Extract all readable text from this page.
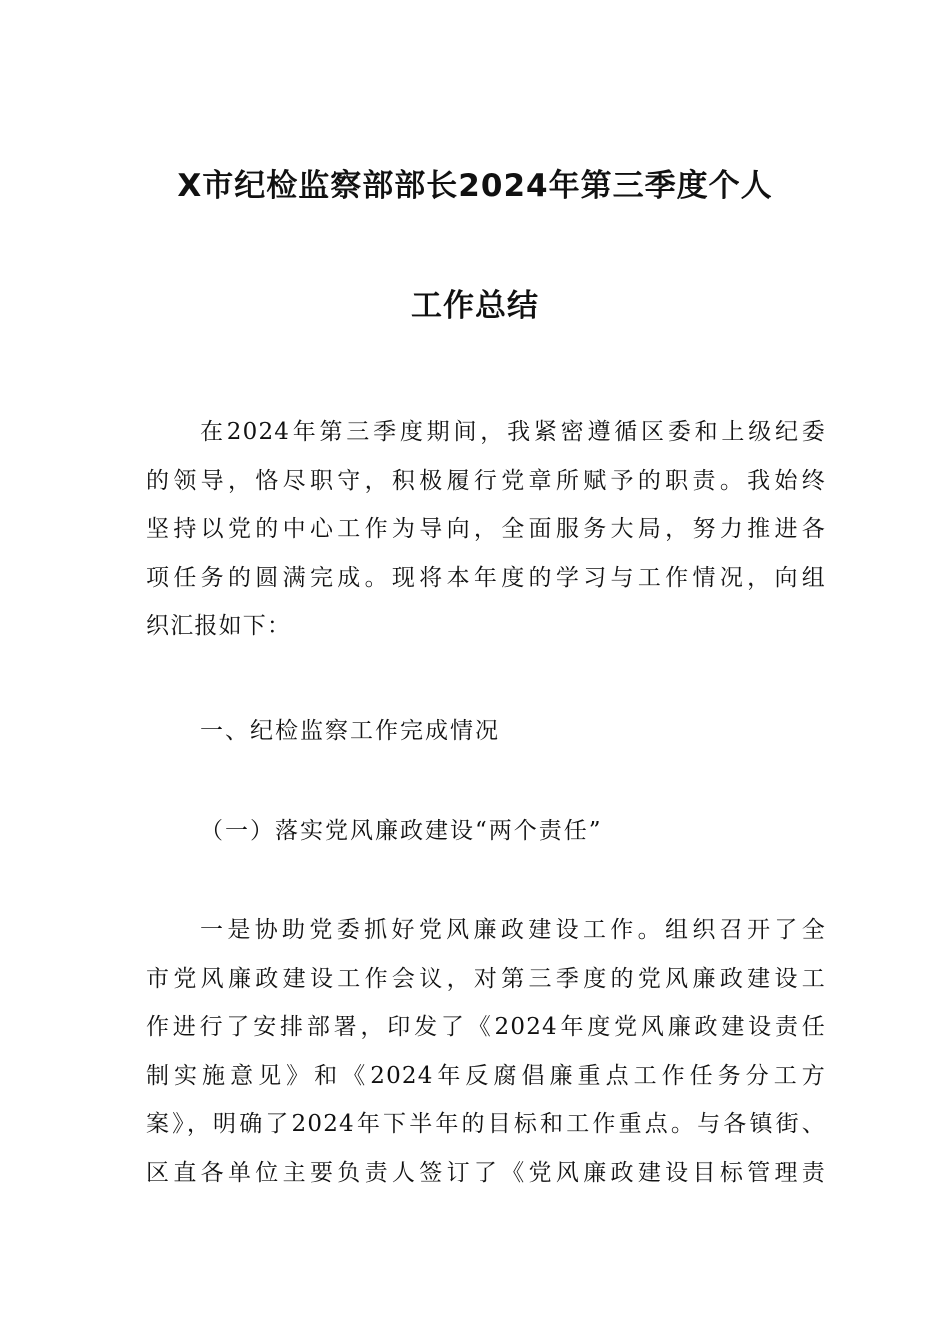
X市纪检监察部部长2024年第三季度个人
工作总结
在2024年第三季度期间，我紧密遵循区委和上级纪委
的领导，恪尽职守，积极履行党章所赋予的职责。我始终
坚持以党的中心工作为导向，全面服务大局，努力推进各
项任务的圆满完成。现将本年度的学习与工作情况，向组
织汇报如下：
一、纪检监察工作完成情况
（一）落实党风廉政建设“两个责任”
一是协助党委抓好党风廉政建设工作。组织召开了全
市党风廉政建设工作会议，对第三季度的党风廉政建设工
作进行了安排部署，印发了《2024年度党风廉政建设责任
制实施意见》和《2024年反腐倡廉重点工作任务分工方
案》，明确了2024年下半年的目标和工作重点。与各镇街、
区直各单位主要负责人签订了《党风廉政建设目标管理责
